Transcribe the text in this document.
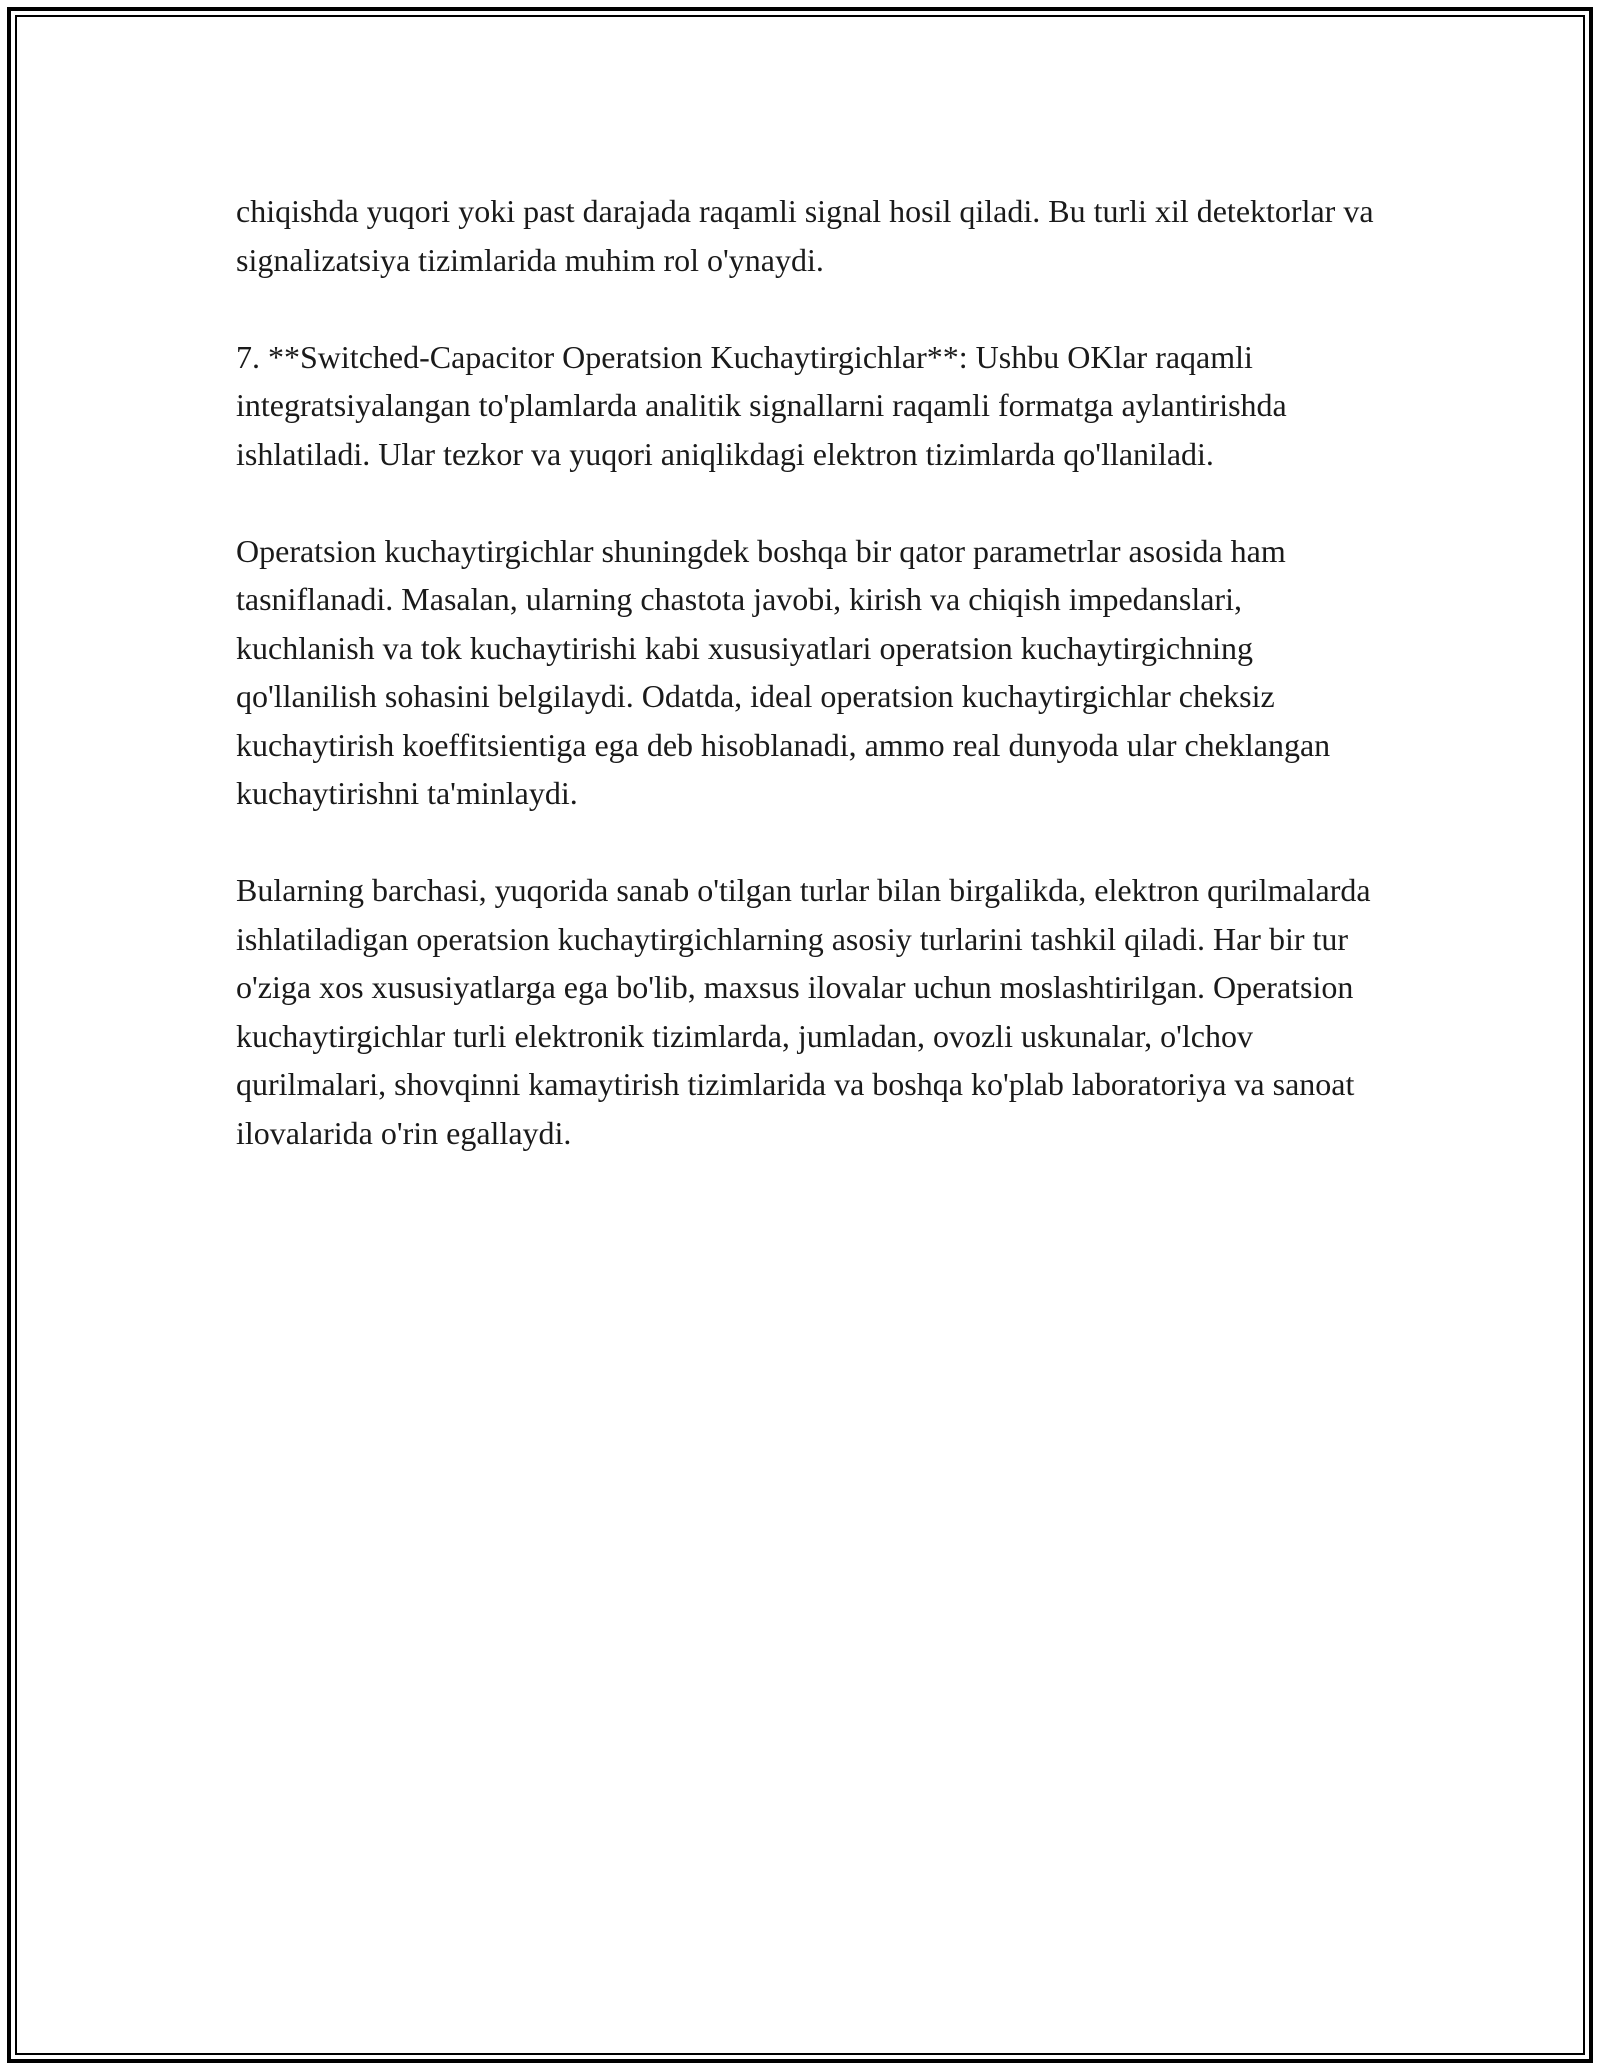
chiqishda yuqori yoki past darajada raqamli signal hosil qiladi. Bu turli xil detektorlar va signalizatsiya tizimlarida muhim rol o'ynaydi.

7. **Switched-Capacitor Operatsion Kuchaytirgichlar**: Ushbu OKlar raqamli integratsiyalangan to'plamlarda analitik signallarni raqamli formatga aylantirishda ishlatiladi. Ular tezkor va yuqori aniqlikdagi elektron tizimlarda qo'llaniladi.

Operatsion kuchaytirgichlar shuningdek boshqa bir qator parametrlar asosida ham tasniflanadi. Masalan, ularning chastota javobi, kirish va chiqish impedanslari, kuchlanish va tok kuchaytirishi kabi xususiyatlari operatsion kuchaytirgichning qo'llanilish sohasini belgilaydi. Odatda, ideal operatsion kuchaytirgichlar cheksiz kuchaytirish koeffitsientiga ega deb hisoblanadi, ammo real dunyoda ular cheklangan kuchaytirishni ta'minlaydi.

Bularning barchasi, yuqorida sanab o'tilgan turlar bilan birgalikda, elektron qurilmalarda ishlatiladigan operatsion kuchaytirgichlarning asosiy turlarini tashkil qiladi. Har bir tur o'ziga xos xususiyatlarga ega bo'lib, maxsus ilovalar uchun moslashtirilgan. Operatsion kuchaytirgichlar turli elektronik tizimlarda, jumladan, ovozli uskunalar, o'lchov qurilmalari, shovqinni kamaytirish tizimlarida va boshqa ko'plab laboratoriya va sanoat ilovalarida o'rin egallaydi.
